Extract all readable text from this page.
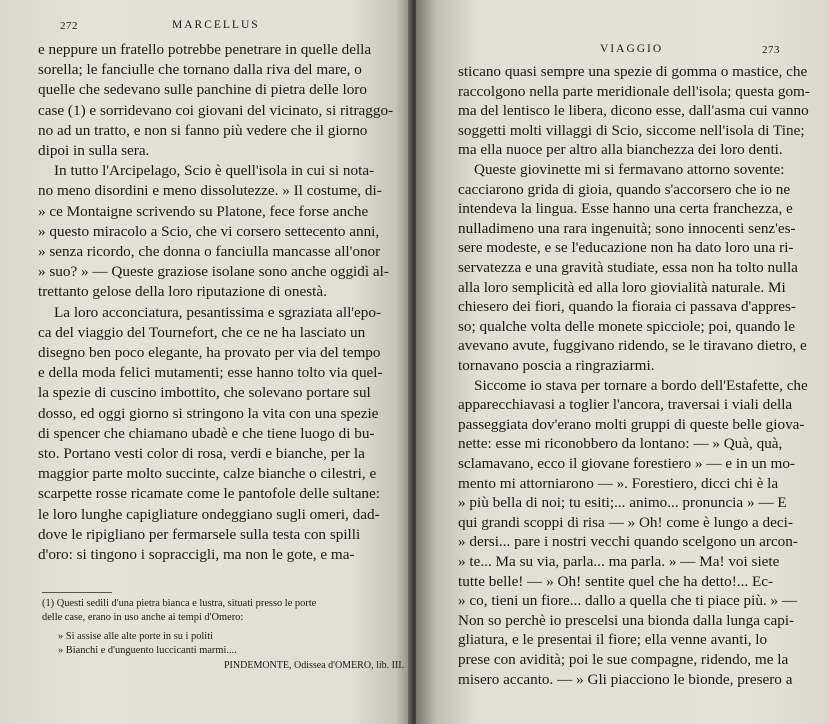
272	MARCELLUS
e neppure un fratello potrebbe penetrare in quelle della
sorella; le fanciulle che tornano dalla riva del mare, o
quelle che sedevano sulle panchine di pietra delle loro
case (1) e sorridevano coi giovani del vicinato, si ritraggo-
no ad un tratto, e non si fanno più vedere che il giorno
dipoi in sulla sera.
In tutto l'Arcipelago, Scio è quell'isola in cui si nota-
no meno disordini e meno dissolutezze. » Il costume, di-
» ce Montaigne scrivendo su Platone, fece forse anche
» questo miracolo a Scio, che vi corsero settecento anni,
» senza ricordo, che donna o fanciulla mancasse all'onor
» suo? » — Queste graziose isolane sono anche oggidì al-
trettanto gelose della loro riputazione di onestà.
La loro acconciatura, pesantissima e sgraziata all'epo-
ca del viaggio del Tournefort, che ce ne ha lasciato un
disegno ben poco elegante, ha provato per via del tempo
e della moda felici mutamenti; esse hanno tolto via quel-
la spezie di cuscino imbottito, che solevano portare sul
dosso, ed oggi giorno si stringono la vita con una spezie
di spencer che chiamano ubadè e che tiene luogo di bu-
sto. Portano vesti color di rosa, verdi e bianche, per la
maggior parte molto succinte, calze bianche o cilestri, e
scarpette rosse ricamate come le pantofole delle sultane:
le loro lunghe capigliature ondeggiano sugli omeri, dad-
dove le ripigliano per fermarsele sulla testa con spilli
d'oro: si tingono i sopraccigli, ma non le gote, e ma-
(1) Questi sedili d'una pietra bianca e lustra, situati presso le porte
delle case, erano in uso anche ai tempi d'Omero:
» Si assise alle alte porte in su i politi
» Bianchi e d'unguento luccicanti marmi....
PINDEMONTE, Odissea d'OMERO, lib. III.
VIAGGIO	273
sticano quasi sempre una spezie di gomma o mastice, che
raccolgono nella parte meridionale dell'isola; questa gom-
ma del lentisco le libera, dicono esse, dall'asma cui vanno
soggetti molti villaggi di Scio, siccome nell'isola di Tine;
ma ella nuoce per altro alla bianchezza dei loro denti.
Queste giovinette mi si fermavano attorno sovente:
cacciarono grida di gioia, quando s'accorsero che io ne
intendeva la lingua. Esse hanno una certa franchezza, e
nulladimeno una rara ingenuità; sono innocenti senz'es-
sere modeste, e se l'educazione non ha dato loro una ri-
servatezza e una gravità studiate, essa non ha tolto nulla
alla loro semplicità ed alla loro giovialità naturale. Mi
chiesero dei fiori, quando la fioraia ci passava d'appres-
so; qualche volta delle monete spicciole; poi, quando le
avevano avute, fuggivano ridendo, se le tiravano dietro, e
tornavano poscia a ringraziarmi.
Siccome io stava per tornare a bordo dell'Estafette, che
apparecchiavasi a toglier l'ancora, traversai i viali della
passeggiata dov'erano molti gruppi di queste belle giova-
nette: esse mi riconobbero da lontano: — » Quà, quà,
sclamavano, ecco il giovane forestiero » — e in un mo-
mento mi attorniarono — ». Forestiero, dicci chi è la
» più bella di noi; tu esiti;... animo... pronuncia » — E
qui grandi scoppi di risa — » Oh! come è lungo a deci-
» dersi... pare i nostri vecchi quando scelgono un arcon-
» te... Ma su via, parla... ma parla. » — Ma! voi siete
tutte belle! — » Oh! sentite quel che ha detto!... Ec-
» co, tieni un fiore... dallo a quella che ti piace più. » —
Non so perchè io prescelsi una bionda dalla lunga capi-
gliatura, e le presentai il fiore; ella venne avanti, lo
prese con avidità; poi le sue compagne, ridendo, me la
misero accanto. — » Gli piacciono le bionde, presero a
